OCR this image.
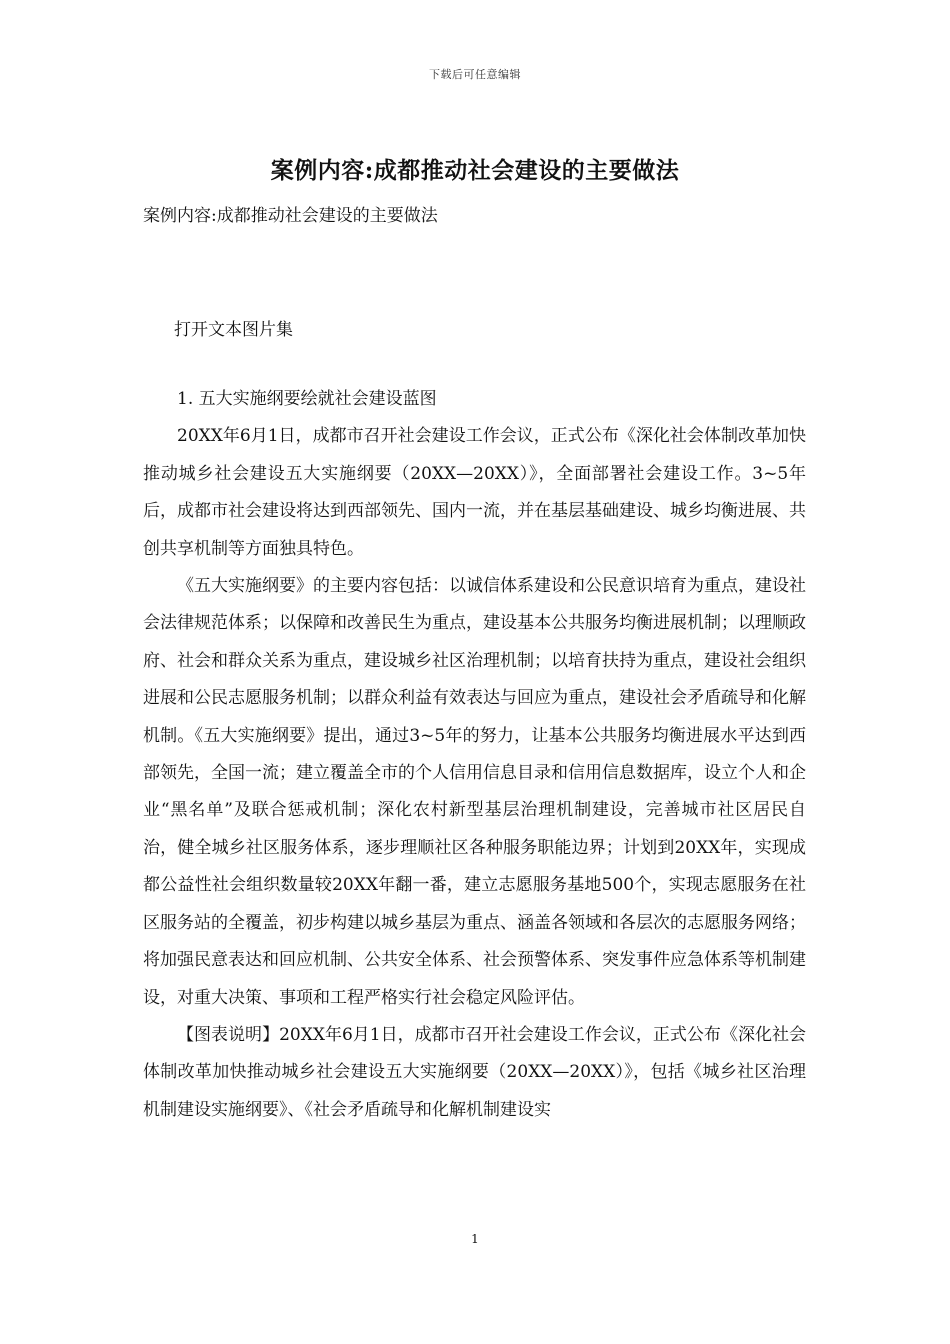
下载后可任意编辑
案例内容:成都推动社会建设的主要做法
案例内容:成都推动社会建设的主要做法
打开文本图片集

1. 五大实施纲要绘就社会建设蓝图

20XX年6月1日，成都市召开社会建设工作会议，正式公布《深化社会体制改革加快推动城乡社会建设五大实施纲要（20XX—20XX）》，全面部署社会建设工作。3~5年后，成都市社会建设将达到西部领先、国内一流，并在基层基础建设、城乡均衡进展、共创共享机制等方面独具特色。

《五大实施纲要》的主要内容包括：以诚信体系建设和公民意识培育为重点，建设社会法律规范体系；以保障和改善民生为重点，建设基本公共服务均衡进展机制；以理顺政府、社会和群众关系为重点，建设城乡社区治理机制；以培育扶持为重点，建设社会组织进展和公民志愿服务机制；以群众利益有效表达与回应为重点，建设社会矛盾疏导和化解机制。《五大实施纲要》提出，通过3~5年的努力，让基本公共服务均衡进展水平达到西部领先，全国一流；建立覆盖全市的个人信用信息目录和信用信息数据库，设立个人和企业“黑名单”及联合惩戒机制；深化农村新型基层治理机制建设，完善城市社区居民自治，健全城乡社区服务体系，逐步理顺社区各种服务职能边界；计划到20XX年，实现成都公益性社会组织数量较20XX年翻一番，建立志愿服务基地500个，实现志愿服务在社区服务站的全覆盖，初步构建以城乡基层为重点、涵盖各领域和各层次的志愿服务网络；将加强民意表达和回应机制、公共安全体系、社会预警体系、突发事件应急体系等机制建设，对重大决策、事项和工程严格实行社会稳定风险评估。

【图表说明】20XX年6月1日，成都市召开社会建设工作会议，正式公布《深化社会体制改革加快推动城乡社会建设五大实施纲要（20XX—20XX）》，包括《城乡社区治理机制建设实施纲要》、《社会矛盾疏导和化解机制建设实

1
